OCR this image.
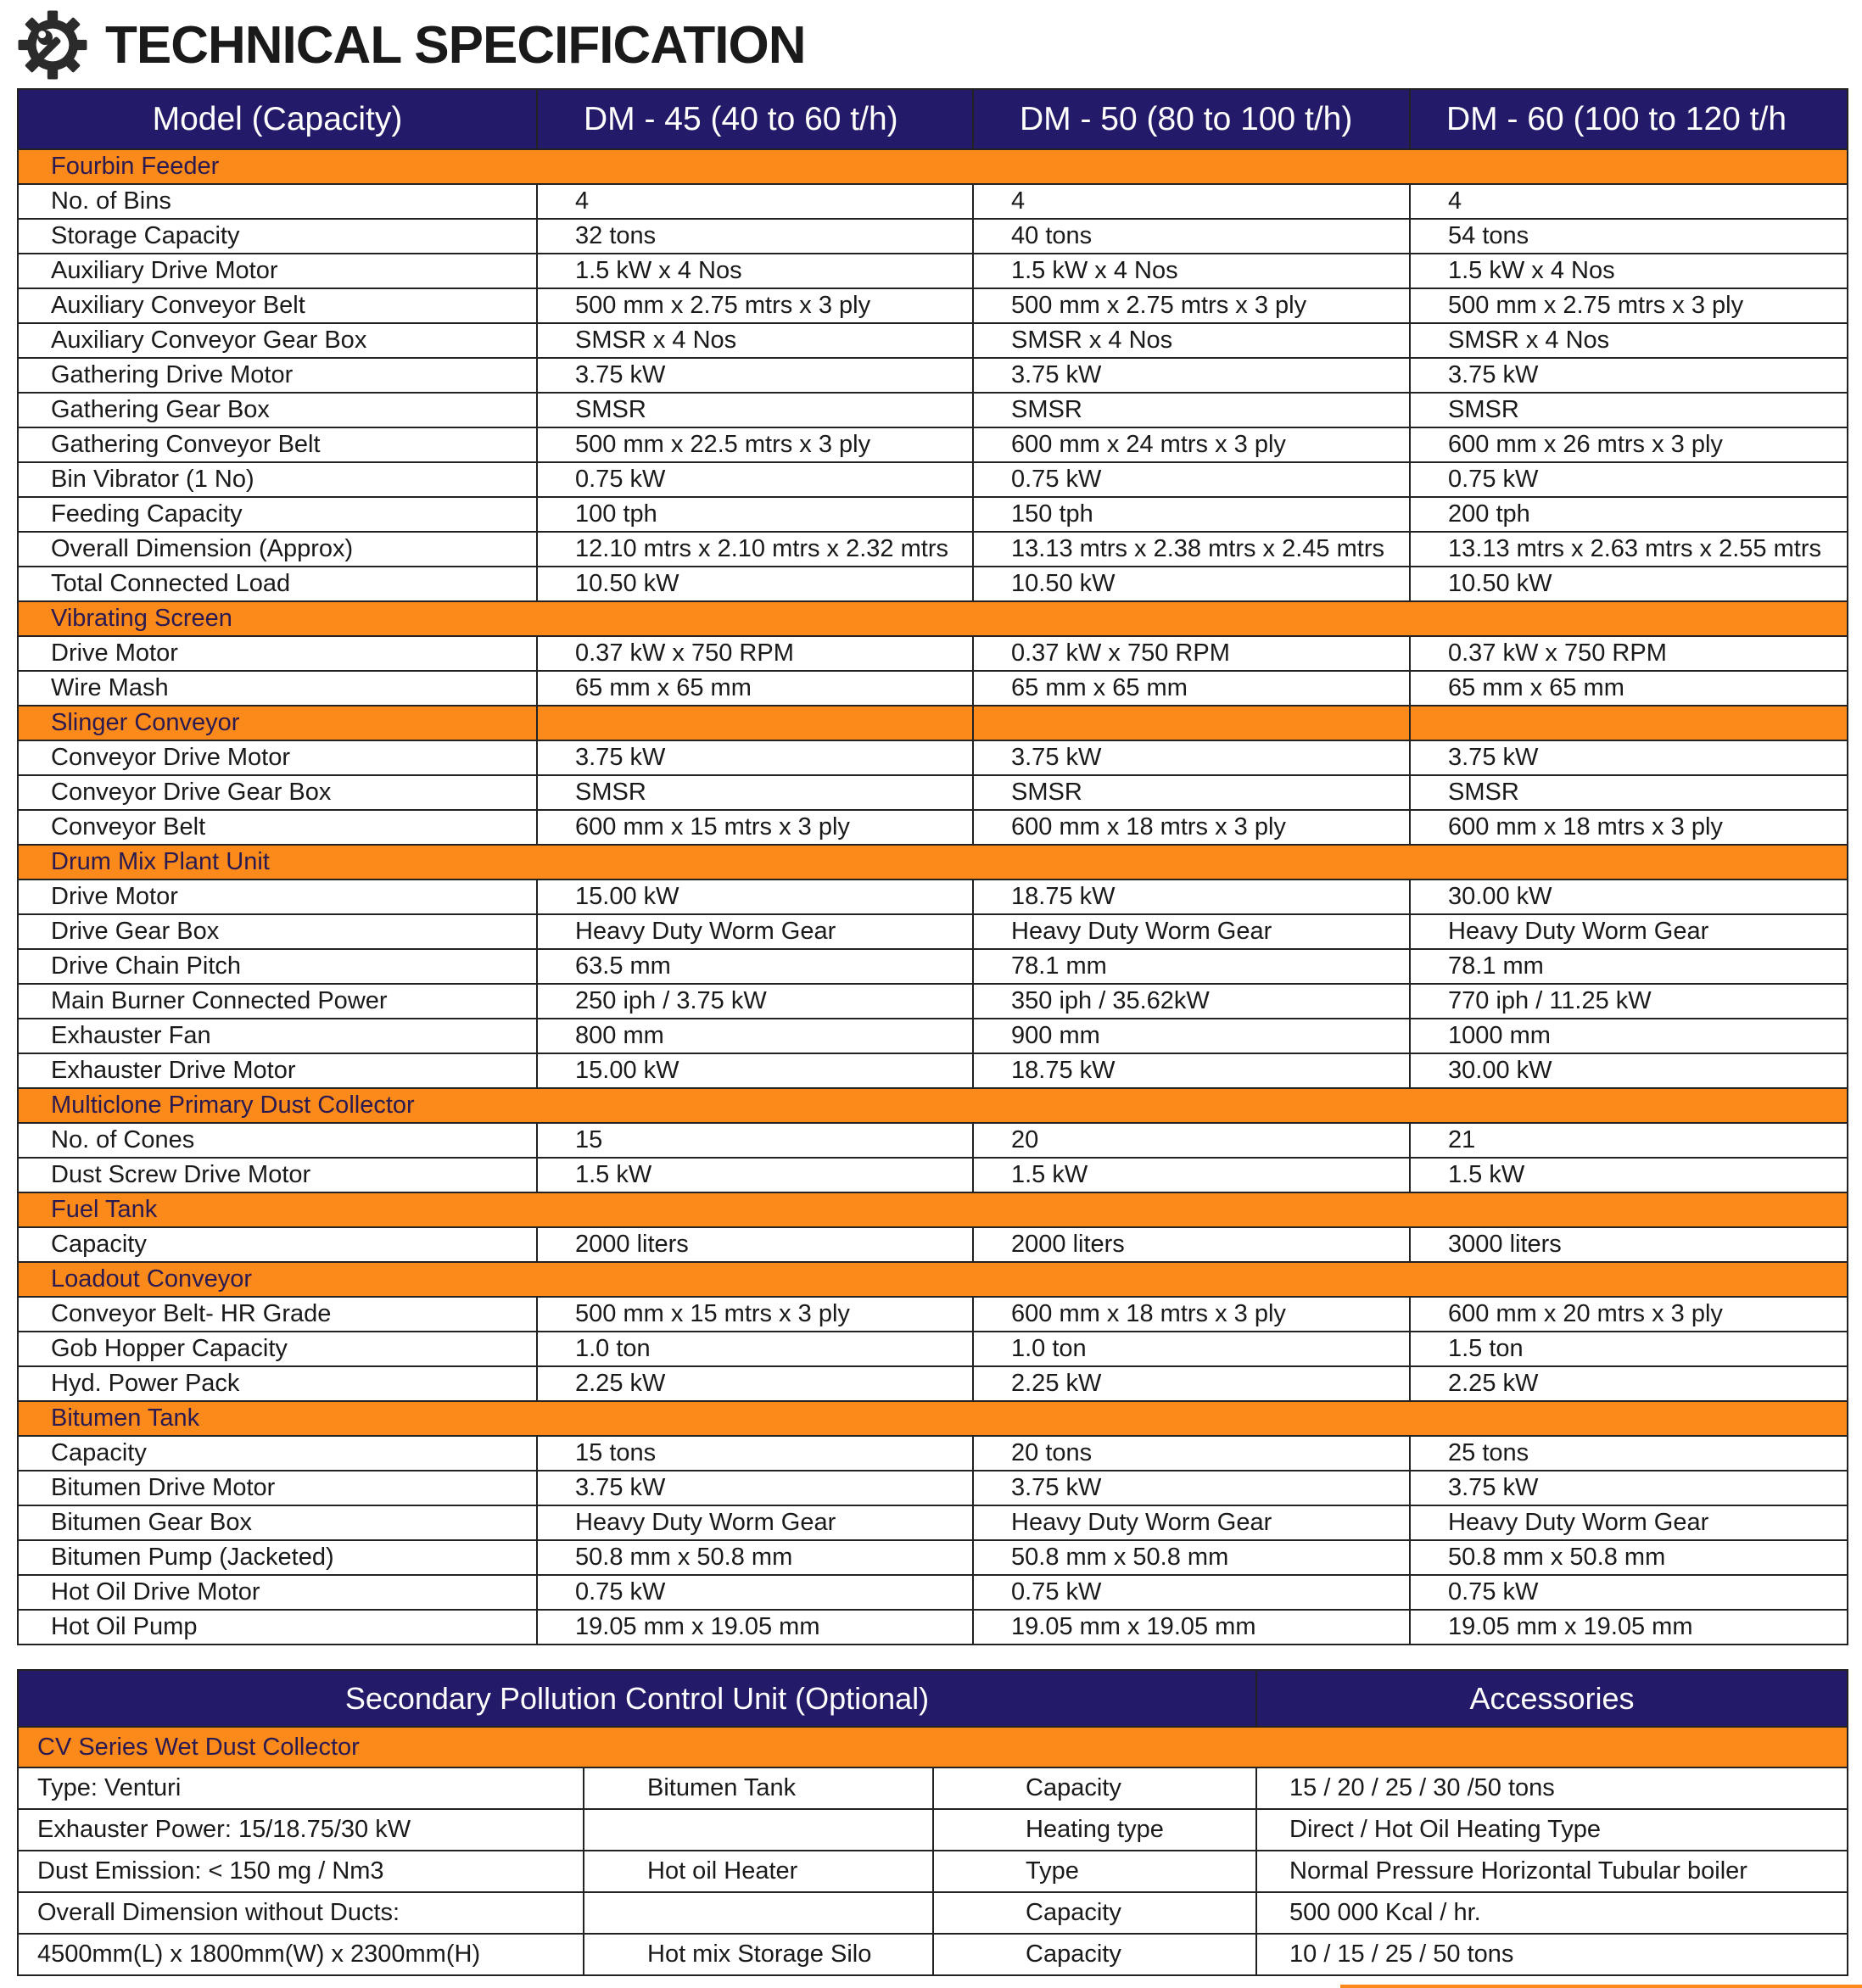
TECHNICAL SPECIFICATION
Model (Capacity)	DM - 45 (40 to 60 t/h)	DM - 50 (80 to 100 t/h)	DM - 60 (100 to 120 t/h
Fourbin Feeder			
No. of Bins	4	4	4
Storage Capacity	32 tons	40 tons	54 tons
Auxiliary Drive Motor	1.5 kW x 4 Nos	1.5 kW x 4 Nos	1.5 kW x 4 Nos
Auxiliary Conveyor Belt	500 mm x 2.75 mtrs x 3 ply	500 mm x 2.75 mtrs x 3 ply	500 mm x 2.75 mtrs x 3 ply
Auxiliary Conveyor Gear Box	SMSR x 4 Nos	SMSR x 4 Nos	SMSR x 4 Nos
Gathering Drive Motor	3.75 kW	3.75 kW	3.75 kW
Gathering Gear Box	SMSR	SMSR	SMSR
Gathering Conveyor Belt	500 mm x 22.5 mtrs x 3 ply	600 mm x 24 mtrs x 3 ply	600 mm x 26 mtrs x 3 ply
Bin Vibrator (1 No)	0.75 kW	0.75 kW	0.75 kW
Feeding Capacity	100 tph	150 tph	200 tph
Overall Dimension (Approx)	12.10 mtrs x 2.10 mtrs x 2.32 mtrs	13.13 mtrs x 2.38 mtrs x 2.45 mtrs	13.13 mtrs x 2.63 mtrs x 2.55 mtrs
Total Connected Load	10.50 kW	10.50 kW	10.50 kW
Vibrating Screen			
Drive Motor	0.37 kW x 750 RPM	0.37 kW x 750 RPM	0.37 kW x 750 RPM
Wire Mash	65 mm x 65 mm	65 mm x 65 mm	65 mm x 65 mm
Slinger Conveyor			
Conveyor Drive Motor	3.75 kW	3.75 kW	3.75 kW
Conveyor Drive Gear Box	SMSR	SMSR	SMSR
Conveyor Belt	600 mm x 15 mtrs x 3 ply	600 mm x 18 mtrs x 3 ply	600 mm x 18 mtrs x 3 ply
Drum Mix Plant Unit			
Drive Motor	15.00 kW	18.75 kW	30.00 kW
Drive Gear Box	Heavy Duty Worm Gear	Heavy Duty Worm Gear	Heavy Duty Worm Gear
Drive Chain Pitch	63.5 mm	78.1 mm	78.1 mm
Main Burner Connected Power	250 iph / 3.75 kW	350 iph / 35.62kW	770 iph / 11.25 kW
Exhauster Fan	800 mm	900 mm	1000 mm
Exhauster Drive Motor	15.00 kW	18.75 kW	30.00 kW
Multiclone Primary Dust Collector			
No. of Cones	15	20	21
Dust Screw Drive Motor	1.5 kW	1.5 kW	1.5 kW
Fuel Tank			
Capacity	2000 liters	2000 liters	3000 liters
Loadout Conveyor			
Conveyor Belt- HR Grade	500 mm x 15 mtrs x 3 ply	600 mm x 18 mtrs x 3 ply	600 mm x 20 mtrs x 3 ply
Gob Hopper Capacity	1.0 ton	1.0 ton	1.5 ton
Hyd. Power Pack	2.25 kW	2.25 kW	2.25 kW
Bitumen Tank			
Capacity	15 tons	20 tons	25 tons
Bitumen Drive Motor	3.75 kW	3.75 kW	3.75 kW
Bitumen Gear Box	Heavy Duty Worm Gear	Heavy Duty Worm Gear	Heavy Duty Worm Gear
Bitumen Pump (Jacketed)	50.8 mm x 50.8 mm	50.8 mm x 50.8 mm	50.8 mm x 50.8 mm
Hot Oil Drive Motor	0.75 kW	0.75 kW	0.75 kW
Hot Oil Pump	19.05 mm x 19.05 mm	19.05 mm x 19.05 mm	19.05 mm x 19.05 mm
Secondary Pollution Control Unit (Optional)			Accessories
CV Series Wet Dust Collector			
Type: Venturi	Bitumen Tank	Capacity	15 / 20 / 25 / 30 /50 tons
Exhauster Power: 15/18.75/30 kW		Heating type	Direct / Hot Oil Heating Type
Dust Emission: < 150 mg / Nm3	Hot oil Heater	Type	Normal Pressure Horizontal Tubular boiler
Overall Dimension without Ducts:		Capacity	500 000 Kcal / hr.
4500mm(L) x 1800mm(W) x 2300mm(H)	Hot mix Storage Silo	Capacity	10 / 15 / 25 / 50 tons
